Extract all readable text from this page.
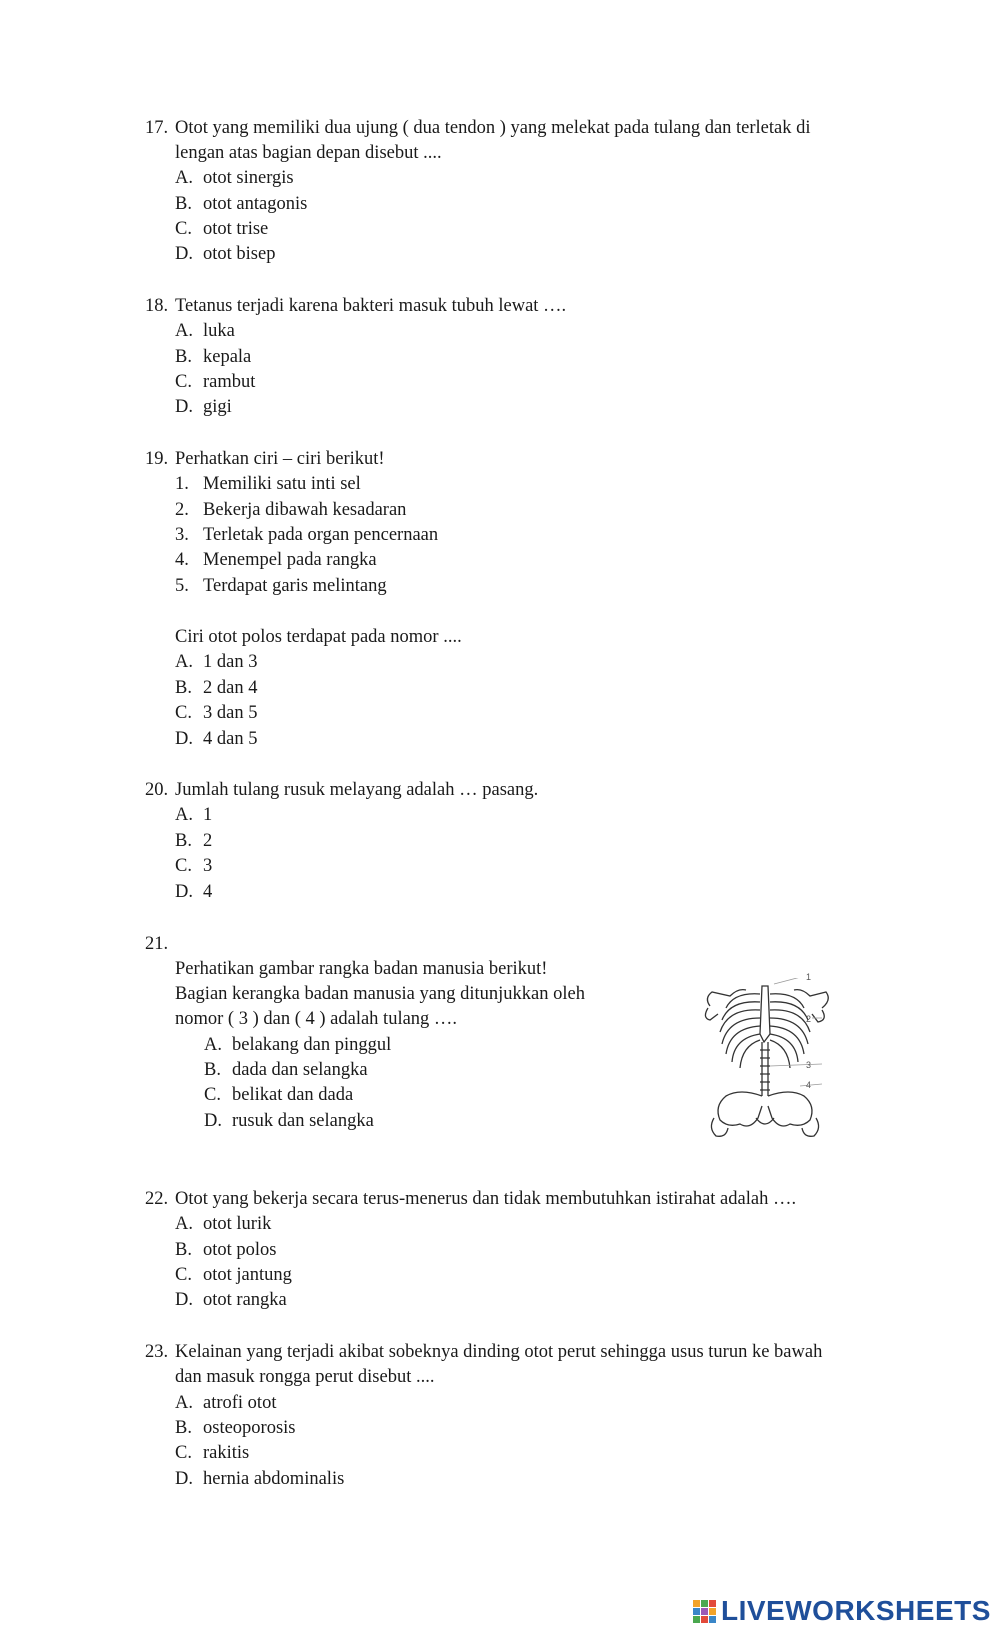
17. Otot yang memiliki dua ujung ( dua tendon ) yang melekat pada tulang dan terletak di
lengan atas bagian depan disebut ....
A. otot sinergis
B. otot antagonis
C. otot trise
D. otot bisep
18. Tetanus terjadi karena bakteri masuk tubuh lewat ….
A. luka
B. kepala
C. rambut
D. gigi
19. Perhatkan ciri – ciri berikut!
1. Memiliki satu inti sel
2. Bekerja dibawah kesadaran
3. Terletak pada organ pencernaan
4. Menempel pada rangka
5. Terdapat garis melintang
Ciri otot polos terdapat pada nomor ....
A. 1 dan 3
B. 2 dan 4
C. 3 dan 5
D. 4 dan 5
20. Jumlah tulang rusuk melayang adalah … pasang.
A. 1
B. 2
C. 3
D. 4
21.
Perhatikan gambar rangka badan manusia berikut!
Bagian kerangka badan manusia yang ditunjukkan oleh
nomor ( 3 ) dan ( 4 ) adalah tulang ….
A. belakang dan pinggul
B. dada dan selangka
C. belikat dan dada
D. rusuk dan selangka
1
2
3
4
22. Otot yang bekerja secara terus-menerus dan tidak membutuhkan istirahat adalah ….
A. otot lurik
B. otot polos
C. otot jantung
D. otot rangka
23. Kelainan yang terjadi akibat sobeknya dinding otot perut sehingga usus turun ke bawah
dan masuk rongga perut disebut ....
A. atrofi otot
B. osteoporosis
C. rakitis
D. hernia abdominalis
LIVEWORKSHEETS
